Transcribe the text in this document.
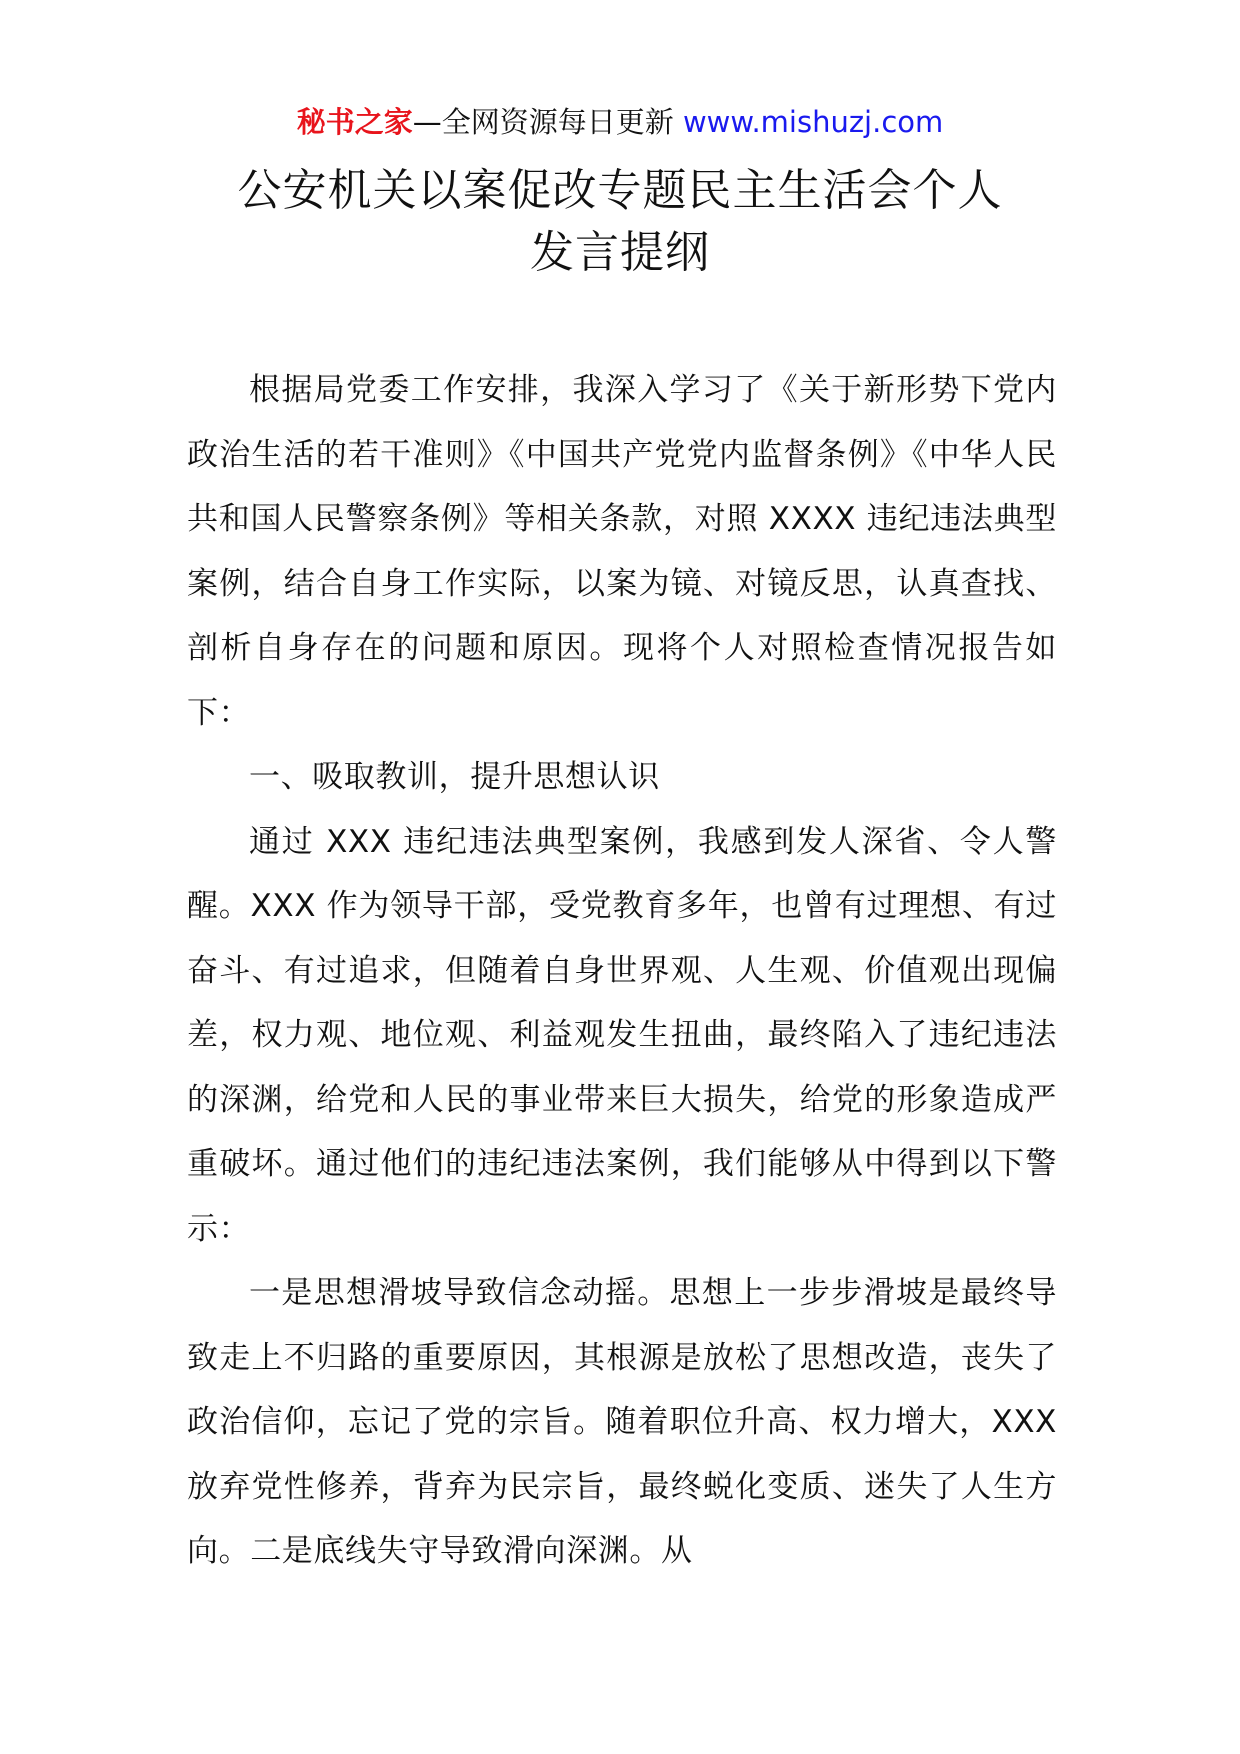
秘书之家—全网资源每日更新 www.mishuzj.com
公安机关以案促改专题民主生活会个人
发言提纲

根据局党委工作安排，我深入学习了《关于新形势下党内政治生活的若干准则》《中国共产党党内监督条例》《中华人民共和国人民警察条例》等相关条款，对照 XXXX 违纪违法典型案例，结合自身工作实际，以案为镜、对镜反思，认真查找、剖析自身存在的问题和原因。现将个人对照检查情况报告如下：

一、吸取教训，提升思想认识

通过 XXX 违纪违法典型案例，我感到发人深省、令人警醒。XXX 作为领导干部，受党教育多年，也曾有过理想、有过奋斗、有过追求，但随着自身世界观、人生观、价值观出现偏差，权力观、地位观、利益观发生扭曲，最终陷入了违纪违法的深渊，给党和人民的事业带来巨大损失，给党的形象造成严重破坏。通过他们的违纪违法案例，我们能够从中得到以下警示：

一是思想滑坡导致信念动摇。思想上一步步滑坡是最终导致走上不归路的重要原因，其根源是放松了思想改造，丧失了政治信仰，忘记了党的宗旨。随着职位升高、权力增大，XXX 放弃党性修养，背弃为民宗旨，最终蜕化变质、迷失了人生方向。二是底线失守导致滑向深渊。从
